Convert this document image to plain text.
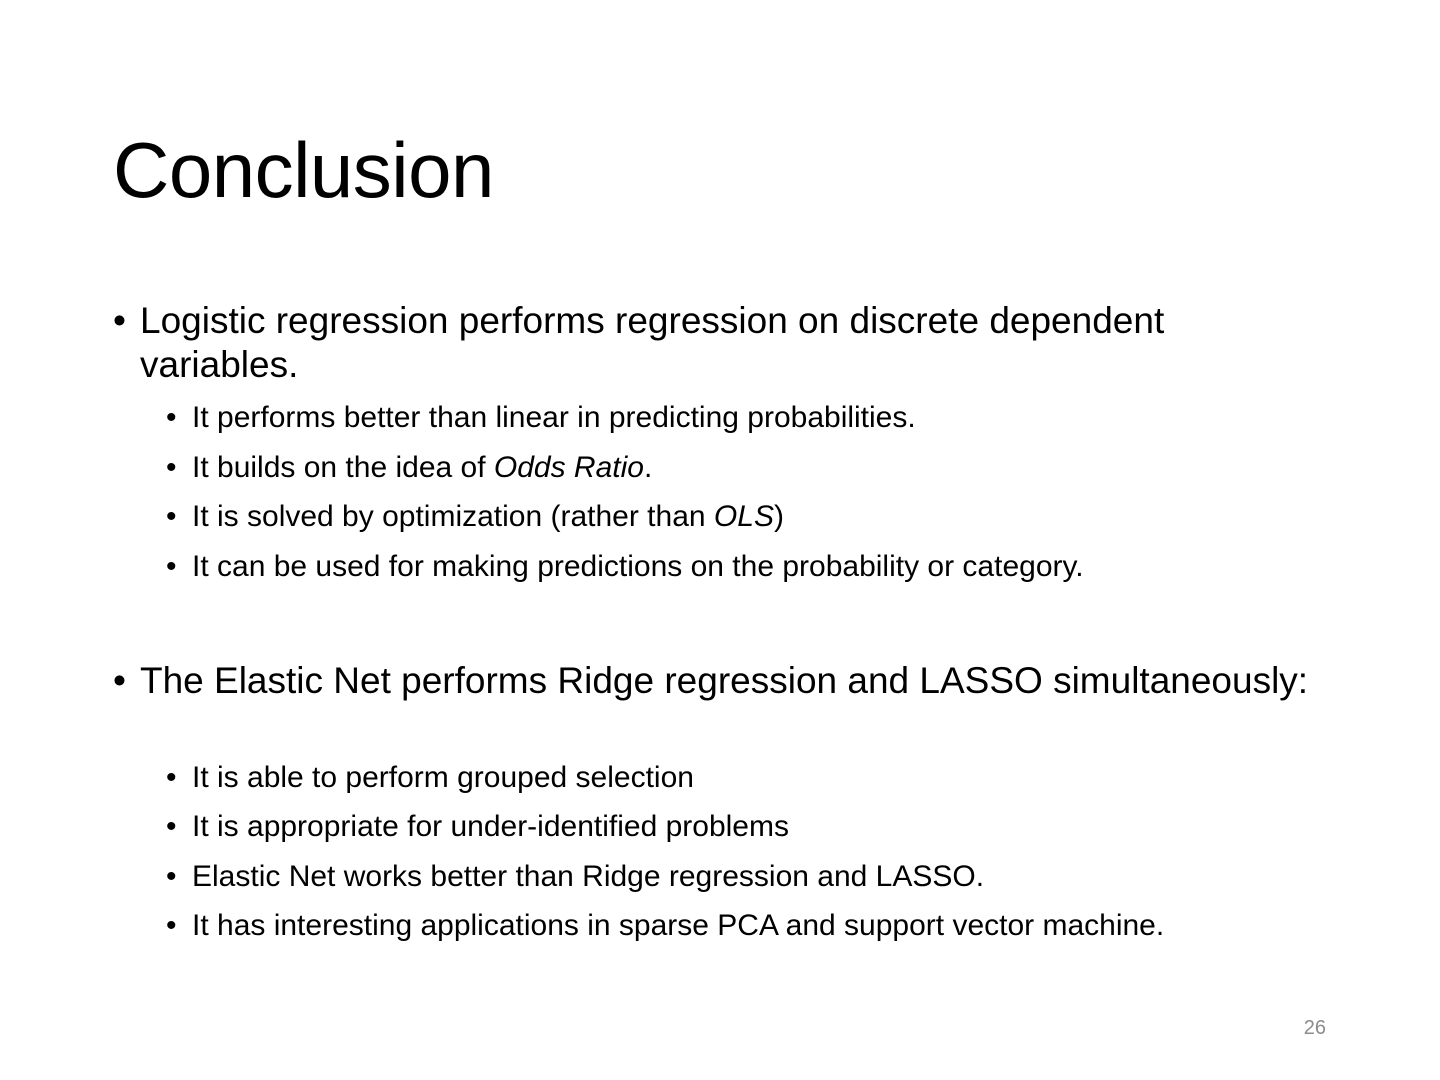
Conclusion
• Logistic regression performs regression on discrete dependent variables.
• It performs better than linear in predicting probabilities.
• It builds on the idea of Odds Ratio.
• It is solved by optimization (rather than OLS)
• It can be used for making predictions on the probability or category.
• The Elastic Net performs Ridge regression and LASSO simultaneously:
• It is able to perform grouped selection
• It is appropriate for under-identified problems
• Elastic Net works better than Ridge regression and LASSO.
• It has interesting applications in sparse PCA and support vector machine.
26
